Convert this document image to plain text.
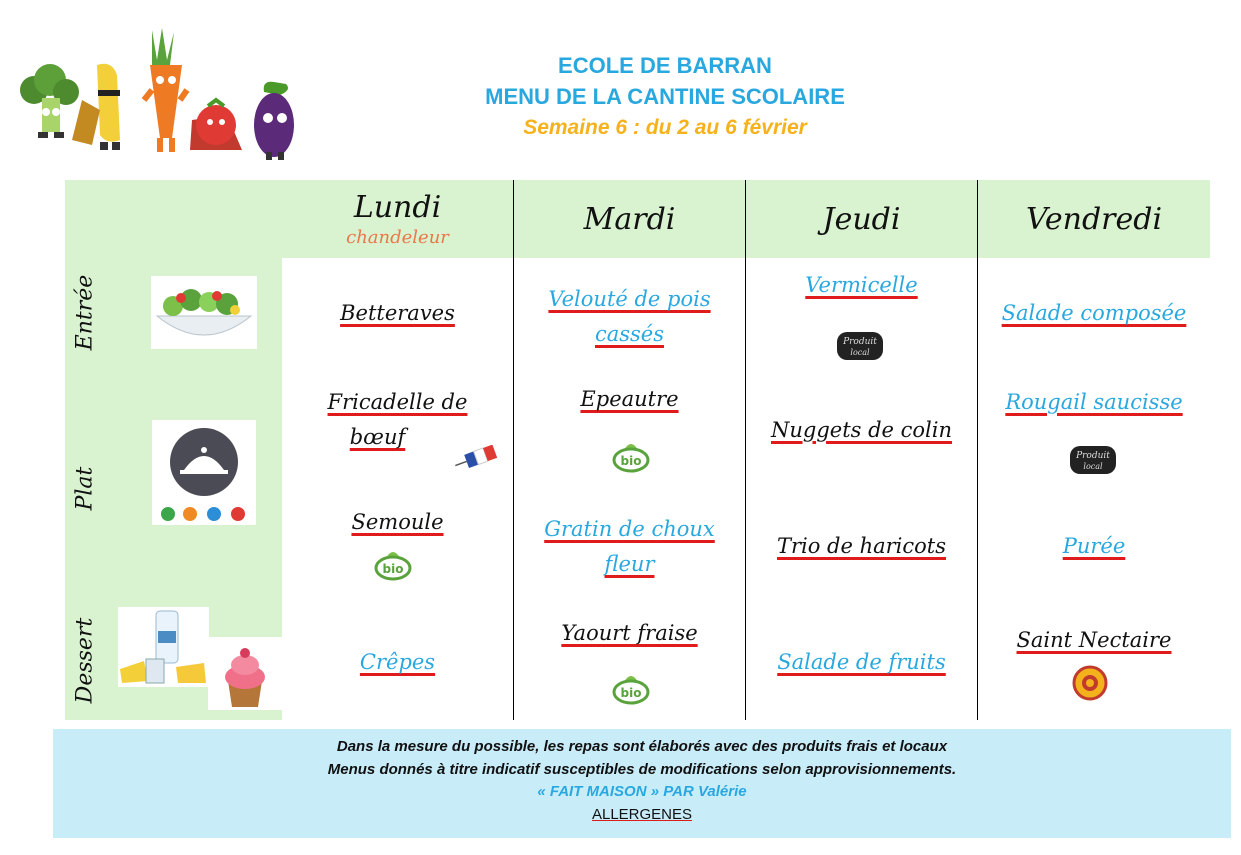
ECOLE DE BARRAN
MENU DE LA CANTINE SCOLAIRE
Semaine 6 : du 2 au 6 février
Lundi
chandeleur
Mardi	Jeudi	Vendredi
Entrée
Plat
Dessert
Betteraves
Fricadelle de
bœuf
Semoule
bio
Crêpes
Velouté de pois
cassés
Epeautre
bio
Gratin de choux
fleur
Yaourt fraise
bio
Vermicelle
Produit
local
Nuggets de colin
Trio de haricots
Salade de fruits
Salade composée
Rougail saucisse
Produit
local
Purée
Saint Nectaire
Dans la mesure du possible, les repas sont élaborés avec des produits frais et locaux
Menus donnés à titre indicatif susceptibles de modifications selon approvisionnements.
« FAIT MAISON » PAR Valérie
ALLERGENES
